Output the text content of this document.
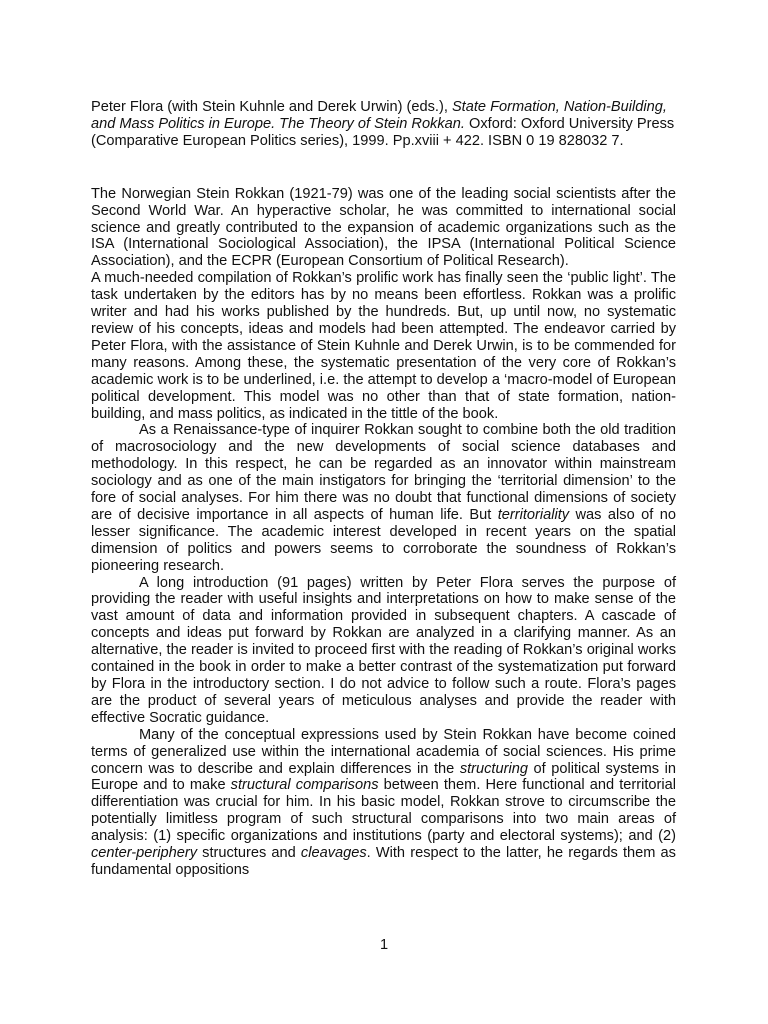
Peter Flora (with Stein Kuhnle and Derek Urwin) (eds.), State Formation, Nation-Building, and Mass Politics in Europe. The Theory of Stein Rokkan. Oxford: Oxford University Press (Comparative European Politics series), 1999. Pp.xviii + 422. ISBN 0 19 828032 7.

The Norwegian Stein Rokkan (1921-79) was one of the leading social scientists after the Second World War. An hyperactive scholar, he was committed to international social science and greatly contributed to the expansion of academic organizations such as the ISA (International Sociological Association), the IPSA (International Political Science Association), and the ECPR (European Consortium of Political Research).

A much-needed compilation of Rokkan’s prolific work has finally seen the ‘public light’. The task undertaken by the editors has by no means been effortless. Rokkan was a prolific writer and had his works published by the hundreds. But, up until now, no systematic review of his concepts, ideas and models had been attempted. The endeavor carried by Peter Flora, with the assistance of Stein Kuhnle and Derek Urwin, is to be commended for many reasons. Among these, the systematic presentation of the very core of Rokkan’s academic work is to be underlined, i.e. the attempt to develop a ‘macro-model of European political development. This model was no other than that of state formation, nation-building, and mass politics, as indicated in the tittle of the book.

As a Renaissance-type of inquirer Rokkan sought to combine both the old tradition of macrosociology and the new developments of social science databases and methodology. In this respect, he can be regarded as an innovator within mainstream sociology and as one of the main instigators for bringing the ‘territorial dimension’ to the fore of social analyses. For him there was no doubt that functional dimensions of society are of decisive importance in all aspects of human life. But territoriality was also of no lesser significance. The academic interest developed in recent years on the spatial dimension of politics and powers seems to corroborate the soundness of Rokkan’s pioneering research.

A long introduction (91 pages) written by Peter Flora serves the purpose of providing the reader with useful insights and interpretations on how to make sense of the vast amount of data and information provided in subsequent chapters. A cascade of concepts and ideas put forward by Rokkan are analyzed in a clarifying manner. As an alternative, the reader is invited to proceed first with the reading of Rokkan’s original works contained in the book in order to make a better contrast of the systematization put forward by Flora in the introductory section. I do not advice to follow such a route. Flora’s pages are the product of several years of meticulous analyses and provide the reader with effective Socratic guidance.

Many of the conceptual expressions used by Stein Rokkan have become coined terms of generalized use within the international academia of social sciences. His prime concern was to describe and explain differences in the structuring of political systems in Europe and to make structural comparisons between them. Here functional and territorial differentiation was crucial for him. In his basic model, Rokkan strove to circumscribe the potentially limitless program of such structural comparisons into two main areas of analysis: (1) specific organizations and institutions (party and electoral systems); and (2) center-periphery structures and cleavages. With respect to the latter, he regards them as fundamental oppositions

1
